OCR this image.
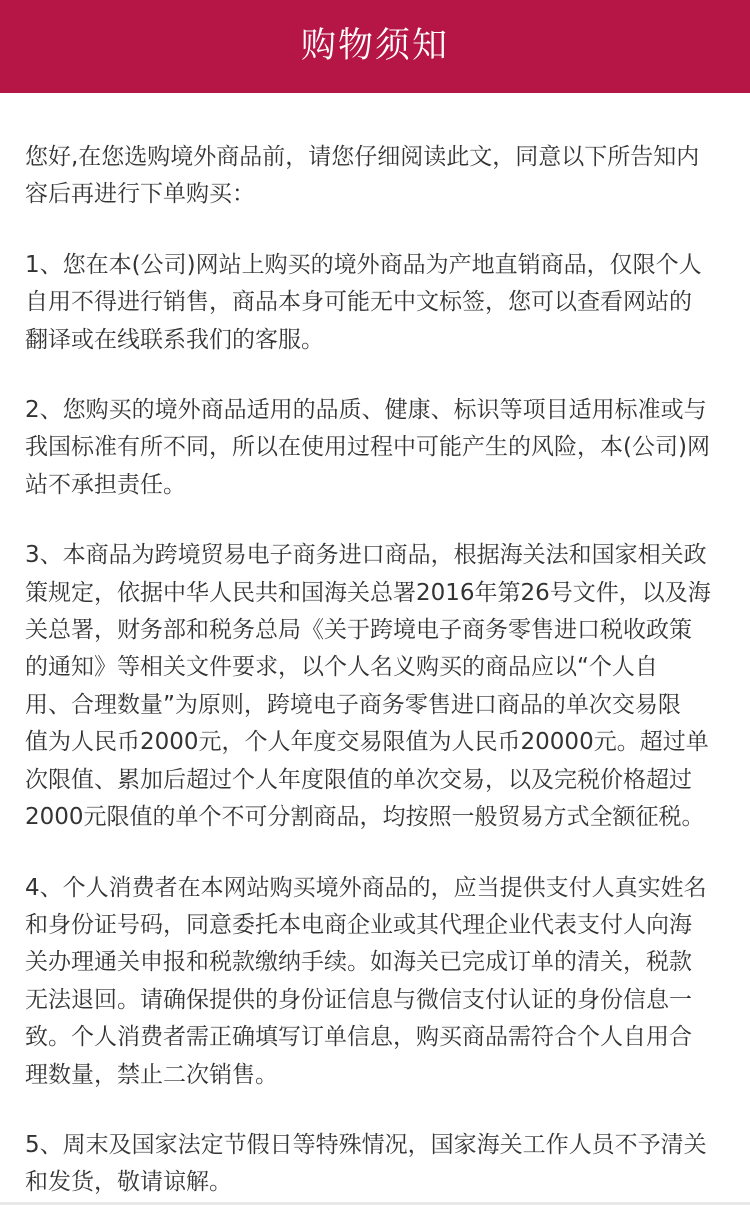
购物须知

您好,在您选购境外商品前，请您仔细阅读此文，同意以下所告知内
容后再进行下单购买：

1、您在本(公司)网站上购买的境外商品为产地直销商品，仅限个人
自用不得进行销售，商品本身可能无中文标签，您可以查看网站的
翻译或在线联系我们的客服。

2、您购买的境外商品适用的品质、健康、标识等项目适用标准或与
我国标准有所不同，所以在使用过程中可能产生的风险，本(公司)网
站不承担责任。

3、本商品为跨境贸易电子商务进口商品，根据海关法和国家相关政
策规定，依据中华人民共和国海关总署2016年第26号文件，以及海
关总署，财务部和税务总局《关于跨境电子商务零售进口税收政策
的通知》等相关文件要求，以个人名义购买的商品应以“个人自
用、合理数量”为原则，跨境电子商务零售进口商品的单次交易限
值为人民币2000元，个人年度交易限值为人民币20000元。超过单
次限值、累加后超过个人年度限值的单次交易，以及完税价格超过
2000元限值的单个不可分割商品，均按照一般贸易方式全额征税。

4、个人消费者在本网站购买境外商品的，应当提供支付人真实姓名
和身份证号码，同意委托本电商企业或其代理企业代表支付人向海
关办理通关申报和税款缴纳手续。如海关已完成订单的清关，税款
无法退回。请确保提供的身份证信息与微信支付认证的身份信息一
致。个人消费者需正确填写订单信息，购买商品需符合个人自用合
理数量，禁止二次销售。

5、周末及国家法定节假日等特殊情况，国家海关工作人员不予清关
和发货，敬请谅解。
